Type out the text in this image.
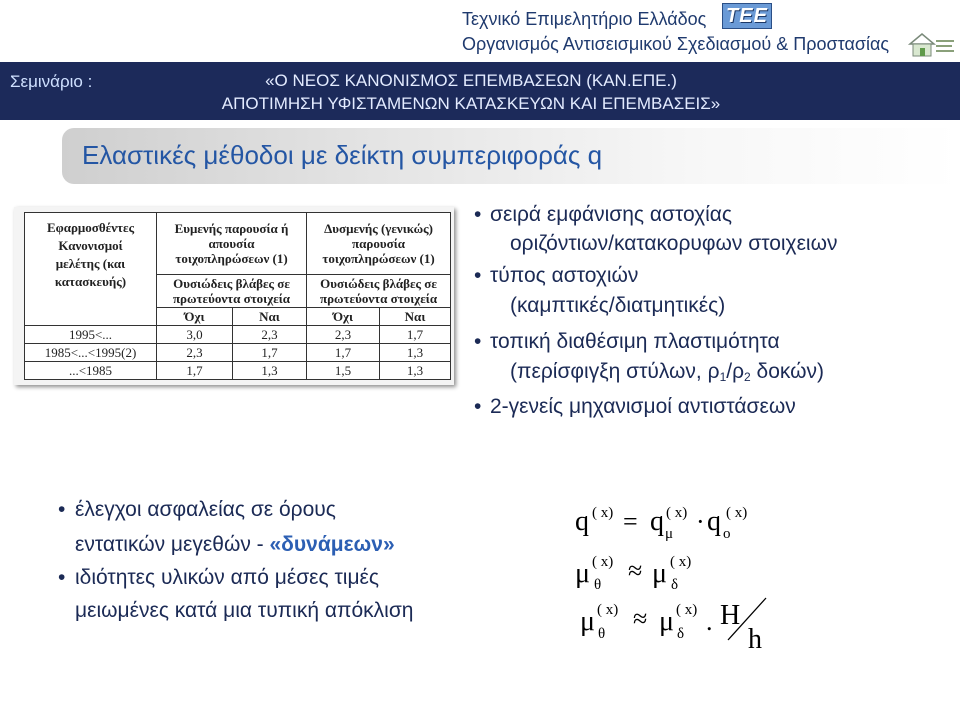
Τεχνικό Επιμελητήριο Ελλάδος ΤΕΕ
Οργανισμός Αντισεισμικού Σχεδιασμού & Προστασίας
Σεμινάριο :	«Ο ΝΕΟΣ ΚΑΝΟΝΙΣΜΟΣ ΕΠΕΜΒΑΣΕΩΝ (ΚΑΝ.ΕΠΕ.)
ΑΠΟΤΙΜΗΣΗ ΥΦΙΣΤΑΜΕΝΩΝ ΚΑΤΑΣΚΕΥΩΝ ΚΑΙ ΕΠΕΜΒΑΣΕΙΣ»
Ελαστικές μέθοδοι με δείκτη συμπεριφοράς q
Εφαρμοσθέντες Κανονισμοί μελέτης (και κατασκευής)	Ευμενής παρουσία ή απουσία τοιχοπληρώσεων (1)		Δυσμενής (γενικώς) παρουσία τοιχοπληρώσεων (1)	
	Ουσιώδεις βλάβες σε πρωτεύοντα στοιχεία		Ουσιώδεις βλάβες σε πρωτεύοντα στοιχεία	
	Όχι	Ναι	Όχι	Ναι
1995<...	3,0	2,3	2,3	1,7
1985<...<1995(2)	2,3	1,7	1,7	1,3
...<1985	1,7	1,3	1,5	1,3
• σειρά εμφάνισης αστοχίας
οριζόντιων/κατακορυφων στοιχειων
• τύπος αστοχιών
(καμπτικές/διατμητικές)
• τοπική διαθέσιμη πλαστιμότητα
(περίσφιγξη στύλων, $\rho_1/\rho_2$ δοκών)
• 2-γενείς μηχανισμοί αντιστάσεων
• έλεγχοι ασφαλείας σε όρους
εντατικών μεγεθών - «δυνάμεων»
• ιδιότητες υλικών από μέσες τιμές
μειωμένες κατά μια τυπική απόκλιση
q ( x) = q μ
( x) · q o
( x)
μ θ
( x) ≈ μ δ
( x)
μ θ
( x) ≈ μ δ
( x) . H
h
